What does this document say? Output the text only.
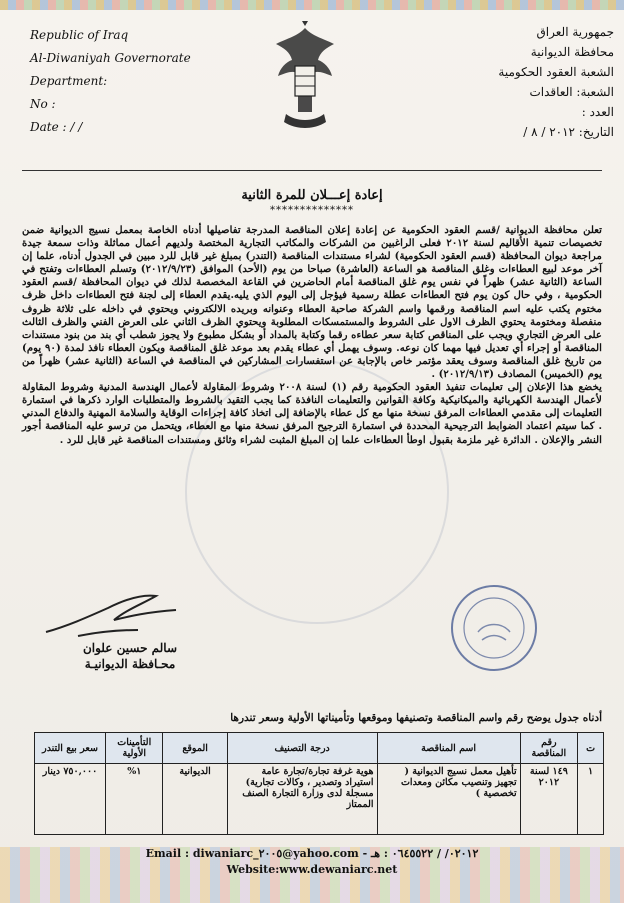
Republic of Iraq
Al-Diwaniyah Governorate
Department:
No :
Date : / /
جمهورية العراق
محافظة الديوانية
الشعبة العقود الحكومية
الشعبة: العاقدات
العدد :
التاريخ: ٢٠١٢ / ٨ /
إعادة إعـــلان للمرة الثانية
**************

تعلن محافظة الديوانية /قسم العقود الحكومية عن إعادة إعلان المناقصة المدرجة تفاصيلها أدناه الخاصة بمعمل نسيج الديوانية ضمن تخصيصات تنمية الأقاليم لسنة ٢٠١٢ فعلى الراغبين من الشركات والمكاتب التجارية المختصة ولديهم أعمال مماثلة وذات سمعة جيدة مراجعة ديوان المحافظة (قسم العقود الحكومية) لشراء مستندات المناقصة (التندر) بمبلغ غير قابل للرد مبين في الجدول أدناه، علما إن آخر موعد لبيع العطاءات وغلق المناقصة هو الساعة (العاشرة) صباحا من يوم (الأحد) الموافق (٢٠١٢/٩/٢٣) وتسلم العطاءات وتفتح في الساعة (الثانية عشر) ظهراً في نفس يوم غلق المناقصة أمام الحاضرين في القاعة المخصصة لذلك في ديوان المحافظة /قسم العقود الحكومية ، وفي حال كون يوم فتح العطاءات عطلة رسمية فيؤجل إلى اليوم الذي يليه.يقدم العطاء إلى لجنة فتح العطاءات داخل ظرف مختوم يكتب عليه اسم المناقصة ورقمها واسم الشركة صاحبة العطاء وعنوانه وبريده الالكتروني ويحتوي في داخله على ثلاثة ظروف منفصلة ومختومة يحتوي الظرف الاول على الشروط والمستمسكات المطلوبة ويحتوي الظرف الثاني على العرض الفني والظرف الثالث على العرض التجاري ويجب على المناقص كتابة سعر عطاءه رقما وكتابة بالمداد أو بشكل مطبوع ولا يجوز شطب أي بند من بنود مستندات المناقصة أو إجراء أي تعديل فيها مهما كان نوعه. وسوف يهمل أي عطاء يقدم بعد موعد غلق المناقصة ويكون العطاء نافذ لمدة (٩٠ يوم) من تاريخ غلق المناقصة وسوف يعقد مؤتمر خاص بالإجابة عن استفسارات المشاركين في المناقصة في الساعة (الثانية عشر) ظهراً من يوم (الخميس) المصادف (٢٠١٢/٩/١٣) .

يخضع هذا الإعلان إلى تعليمات تنفيذ العقود الحكومية رقم (١) لسنة ٢٠٠٨ وشروط المقاولة لأعمال الهندسة المدنية وشروط المقاولة لأعمال الهندسة الكهربائية والميكانيكية وكافة القوانين والتعليمات النافذة كما يجب التقيد بالشروط والمتطلبات الوارد ذكرها في استمارة التعليمات إلى مقدمي العطاءات المرفق نسخة منها مع كل عطاء بالإضافة إلى اتخاذ كافة إجراءات الوقاية والسلامة المهنية والدفاع المدني . كما سيتم اعتماد الضوابط الترجيحية المحددة في استمارة الترجيح المرفق نسخة منها مع العطاء، ويتحمل من ترسو عليه المناقصة أجور النشر والإعلان . الدائرة غير ملزمة بقبول اوطأ العطاءات علما إن المبلغ المثبت لشراء وثائق ومستندات المناقصة غير قابل للرد .

سالم حسين علوان
محـافظة الديوانيـة
أدناه جدول يوضح رقم واسم المناقصة وتصنيفها وموقعها وتأميناتها الأولية وسعر تندرها
ت	رقم المناقصة	اسم المناقصة	درجة التصنيف	الموقع	التأمينات الأولية	سعر بيع التندر
١	١٤٩ لسنة ٢٠١٢	تأهيل معمل نسيج الديوانية ( تجهيز وتنصيب مكائن ومعدات تخصصية )	هوية غرفة تجارة/تجارة عامة استيراد وتصدير ، وكالات تجارية) مسجلة لدى وزارة التجارة الصنف الممتاز	الديوانية	١%	٧٥٠,٠٠٠ دينار
Email : diwaniarc_٢٠٠٥@yahoo.com - ٠٢٠١٢/ / ٠٦٤٥٥٢٢ : هـ
Website:www.dewaniarc.net
